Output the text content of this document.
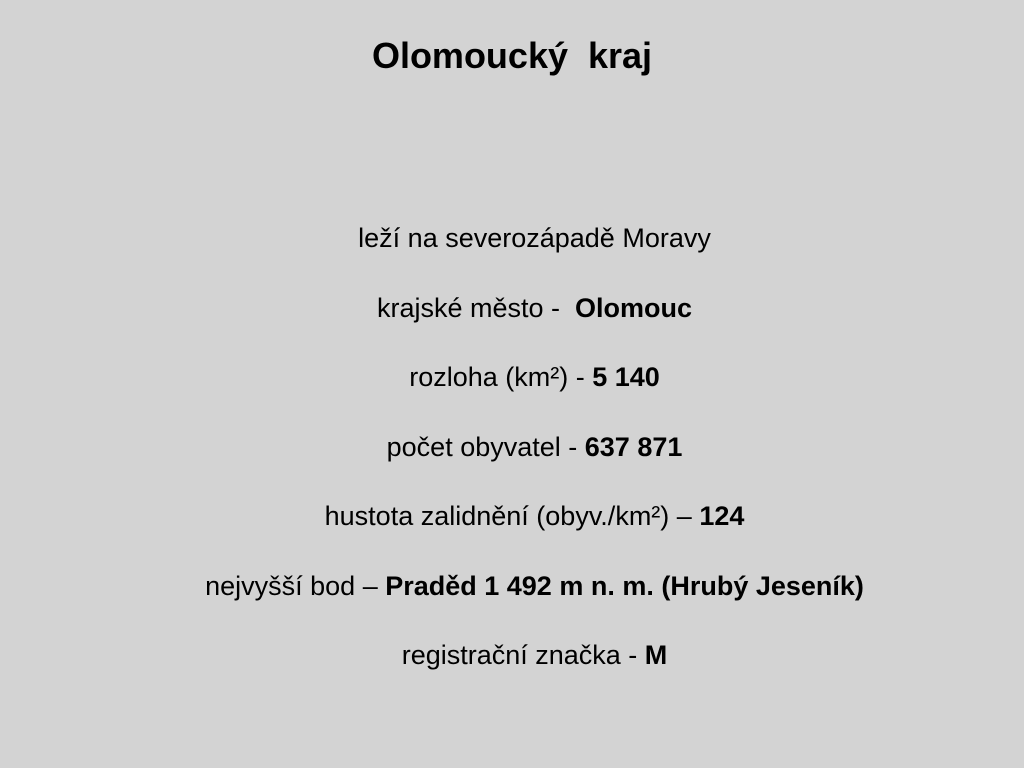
Olomoucký  kraj

leží na severozápadě Moravy

krajské město -  Olomouc

rozloha (km²) - 5 140

počet obyvatel - 637 871

hustota zalidnění (obyv./km²) – 124

nejvyšší bod – Praděd 1 492 m n. m. (Hrubý Jeseník)

registrační značka - M
